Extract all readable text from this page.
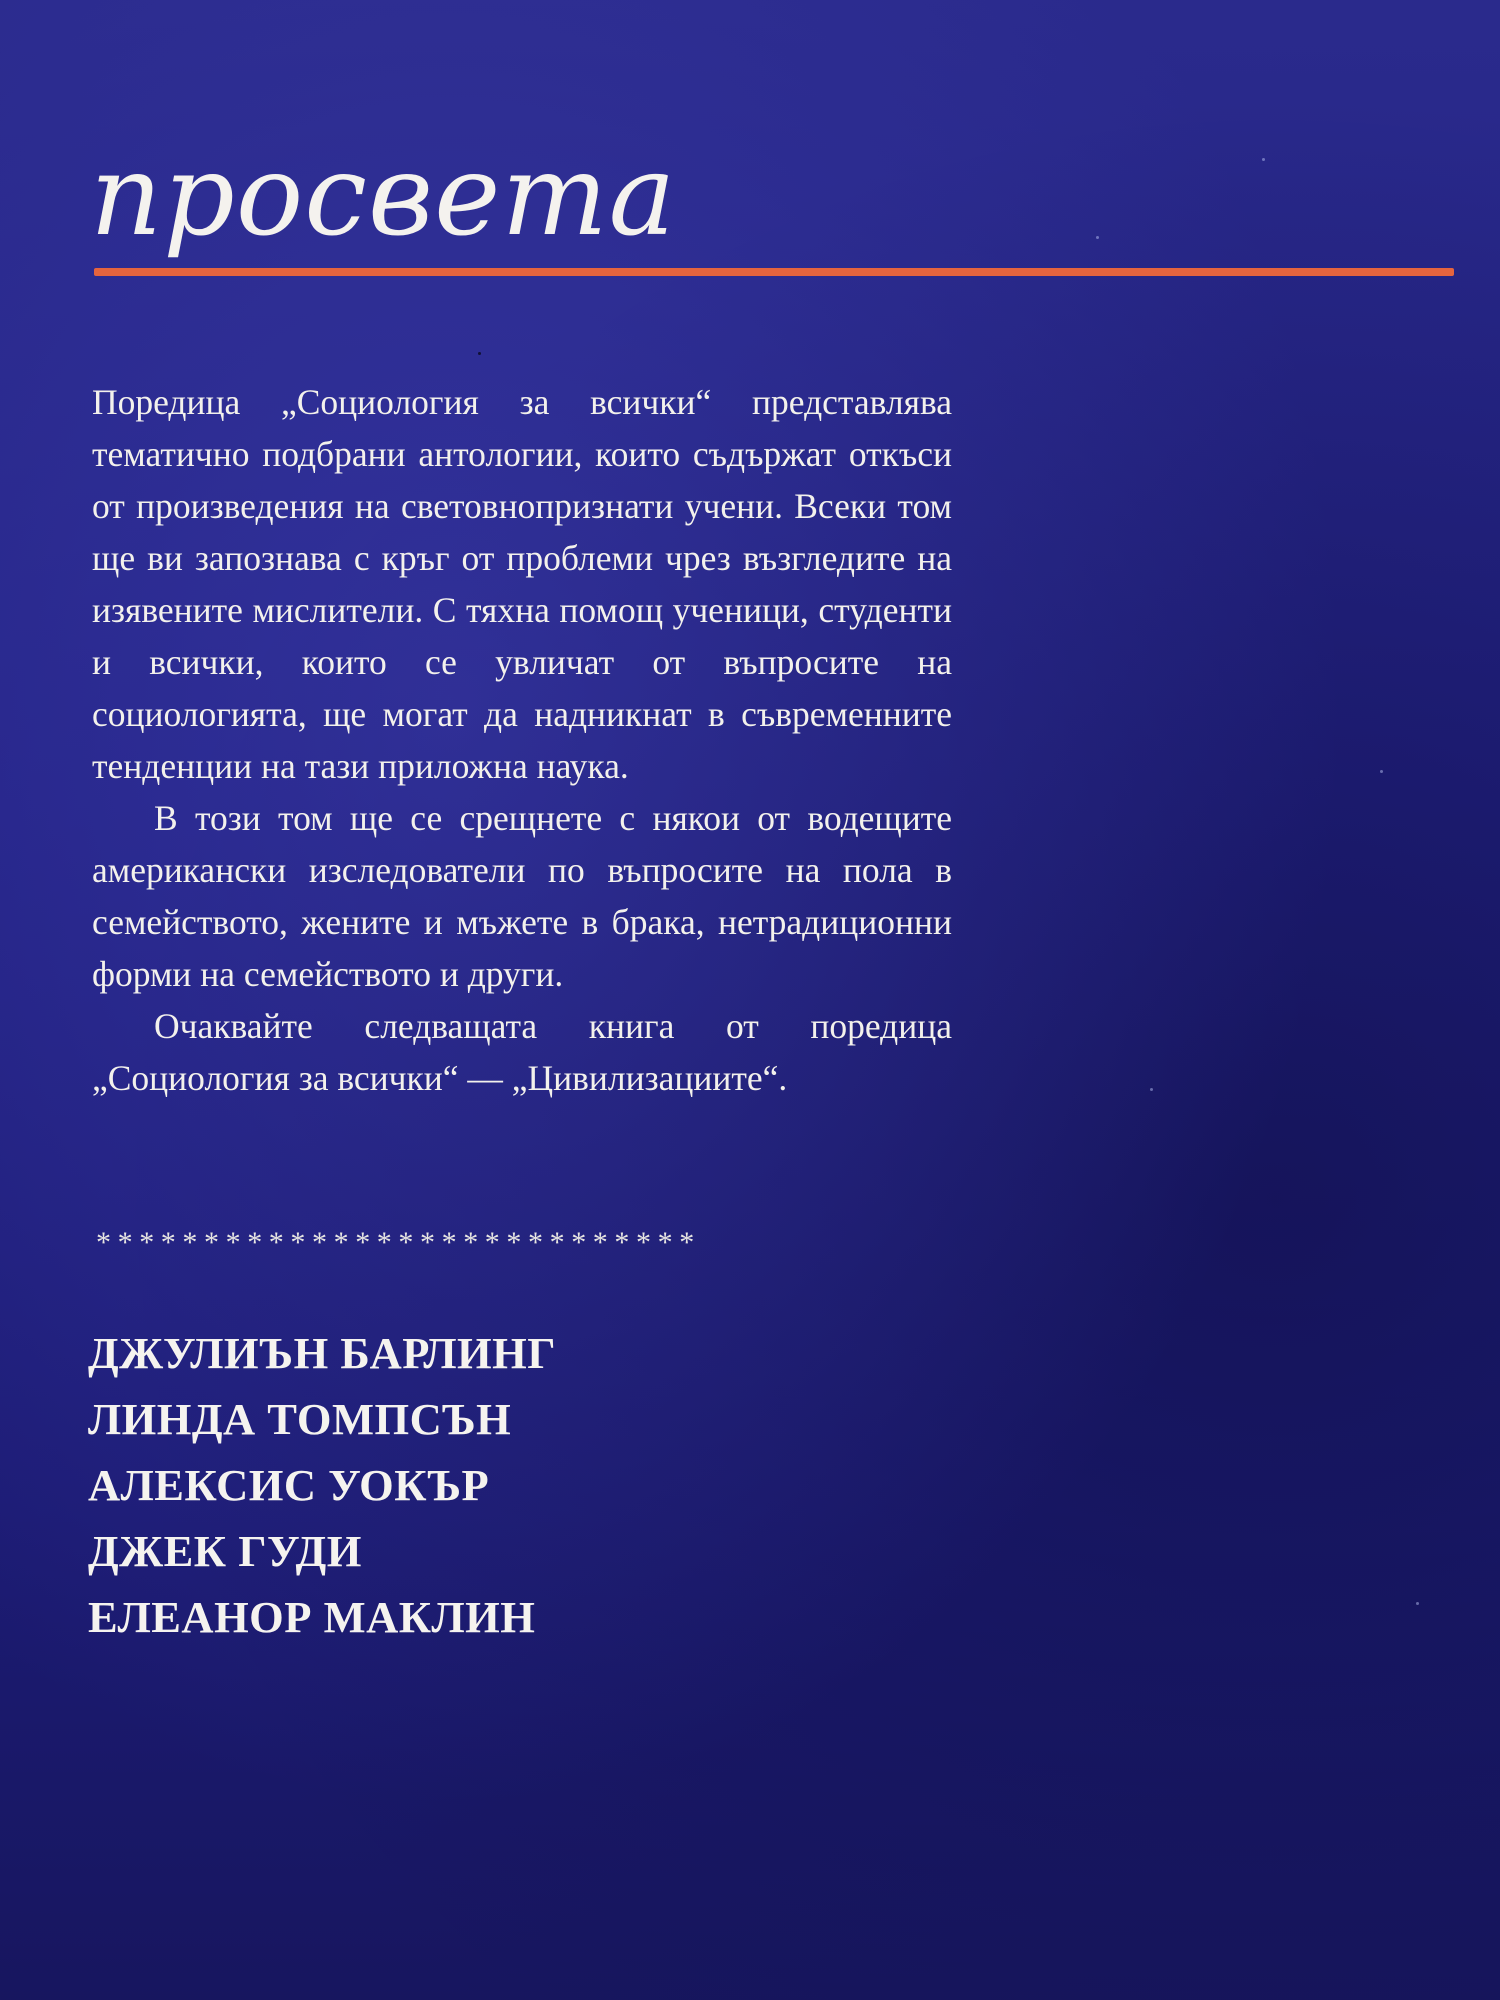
просвета

Поредица „Социология за всички“ представлява тематично подбрани антологии, които съдържат откъси от произведения на световнопризнати учени. Всеки том ще ви запознава с кръг от проблеми чрез възгледите на изявените мислители. С тяхна помощ ученици, студенти и всички, които се увличат от въпросите на социологията, ще могат да надникнат в съвременните тенденции на тази приложна наука.

В този том ще се срещнете с някои от водещите американски изследователи по въпросите на пола в семейството, жените и мъжете в брака, нетрадиционни форми на семейството и други.

Очаквайте следващата книга от поредица „Социология за всички“ — „Цивилизациите“.

****************************
ДЖУЛИЪН БАРЛИНГ
ЛИНДА ТОМПСЪН
АЛЕКСИС УОКЪР
ДЖЕК ГУДИ
ЕЛЕАНОР МАКЛИН
